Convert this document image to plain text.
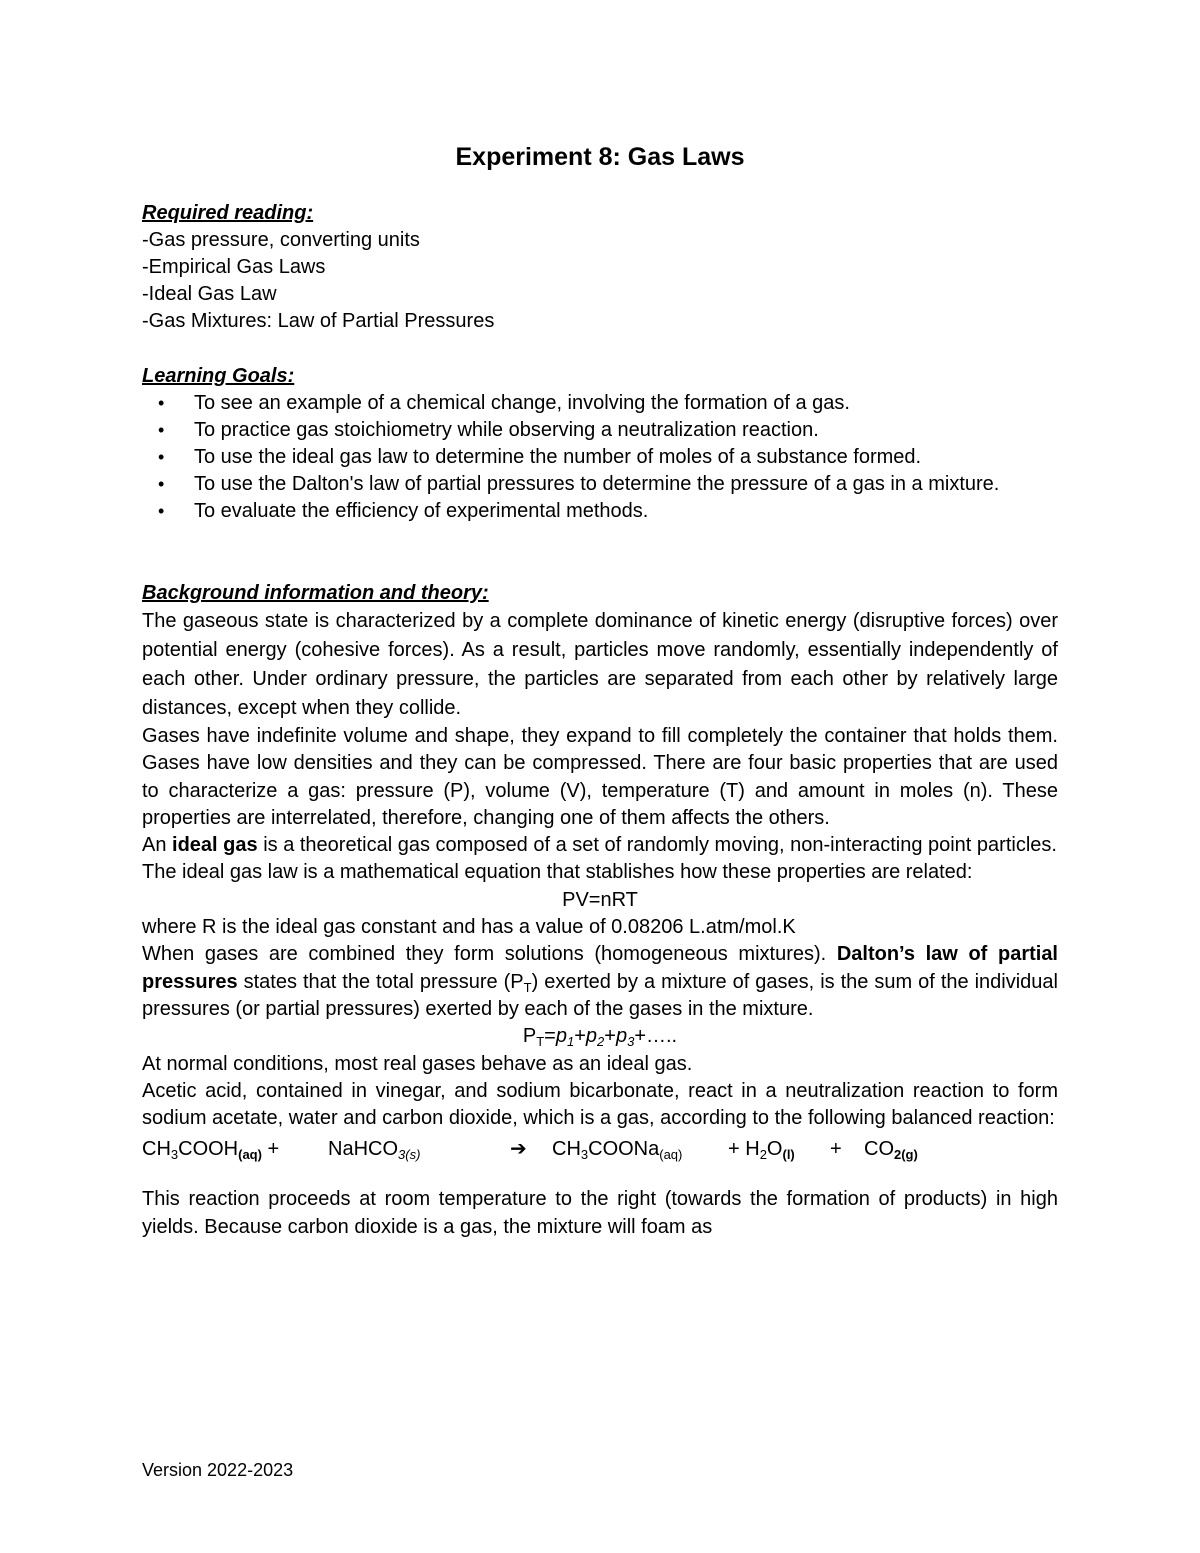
Experiment 8: Gas Laws
Required reading:
-Gas pressure, converting units
-Empirical Gas Laws
-Ideal Gas Law
-Gas Mixtures: Law of Partial Pressures
Learning Goals:
• To see an example of a chemical change, involving the formation of a gas.
• To practice gas stoichiometry while observing a neutralization reaction.
• To use the ideal gas law to determine the number of moles of a substance formed.
• To use the Dalton's law of partial pressures to determine the pressure of a gas in a mixture.
• To evaluate the efficiency of experimental methods.
Background information and theory:

The gaseous state is characterized by a complete dominance of kinetic energy (disruptive forces) over potential energy (cohesive forces). As a result, particles move randomly, essentially independently of each other. Under ordinary pressure, the particles are separated from each other by relatively large distances, except when they collide.

Gases have indefinite volume and shape, they expand to fill completely the container that holds them. Gases have low densities and they can be compressed. There are four basic properties that are used to characterize a gas: pressure (P), volume (V), temperature (T) and amount in moles (n). These properties are interrelated, therefore, changing one of them affects the others.

An ideal gas is a theoretical gas composed of a set of randomly moving, non-interacting point particles.

The ideal gas law is a mathematical equation that stablishes how these properties are related:

PV=nRT

where R is the ideal gas constant and has a value of 0.08206 L.atm/mol.K

When gases are combined they form solutions (homogeneous mixtures). Dalton’s law of partial pressures states that the total pressure $(P_T)$ exerted by a mixture of gases, is the sum of the individual pressures (or partial pressures) exerted by each of the gases in the mixture.

$P_T=p_1+p_2+p_3+\dots$..

At normal conditions, most real gases behave as an ideal gas.

Acetic acid, contained in vinegar, and sodium bicarbonate, react in a neutralization reaction to form sodium acetate, water and carbon dioxide, which is a gas, according to the following balanced reaction:

$CH_3COOH_{(aq)}$ + NaHCO$_{3(s)}$	➔ $CH_3COONa_{(aq)} + H_2O_{(l)} + CO_{2(g)}$

This reaction proceeds at room temperature to the right (towards the formation of products) in high yields. Because carbon dioxide is a gas, the mixture will foam as

Version 2022-2023
